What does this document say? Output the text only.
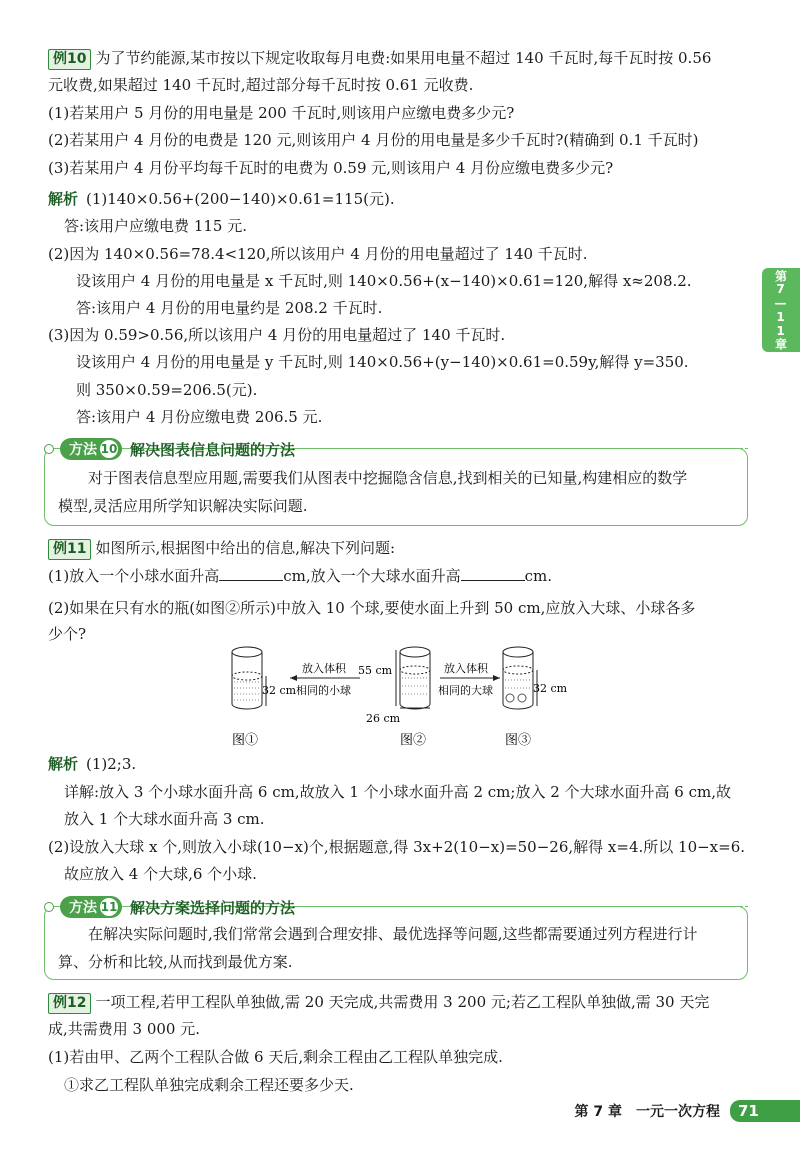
例10 为了节约能源,某市按以下规定收取每月电费:如果用电量不超过 140 千瓦时,每千瓦时按 0.56
元收费,如果超过 140 千瓦时,超过部分每千瓦时按 0.61 元收费.
(1)若某用户 5 月份的用电量是 200 千瓦时,则该用户应缴电费多少元?
(2)若某用户 4 月份的电费是 120 元,则该用户 4 月份的用电量是多少千瓦时?(精确到 0.1 千瓦时)
(3)若某用户 4 月份平均每千瓦时的电费为 0.59 元,则该用户 4 月份应缴电费多少元?
解析 (1)140×0.56+(200−140)×0.61=115(元).
答:该用户应缴电费 115 元.
(2)因为 140×0.56=78.4<120,所以该用户 4 月份的用电量超过了 140 千瓦时.
设该用户 4 月份的用电量是 x 千瓦时,则 140×0.56+(x−140)×0.61=120,解得 x≈208.2.
答:该用户 4 月份的用电量约是 208.2 千瓦时.
(3)因为 0.59>0.56,所以该用户 4 月份的用电量超过了 140 千瓦时.
设该用户 4 月份的用电量是 y 千瓦时,则 140×0.56+(y−140)×0.61=0.59y,解得 y=350.
则 350×0.59=206.5(元).
答:该用户 4 月份应缴电费 206.5 元.
方法 10 解决图表信息问题的方法
对于图表信息型应用题,需要我们从图表中挖掘隐含信息,找到相关的已知量,构建相应的数学
模型,灵活应用所学知识解决实际问题.
例11 如图所示,根据图中给出的信息,解决下列问题:
(1)放入一个小球水面升高	cm,放入一个大球水面升高	cm.
(2)如果在只有水的瓶(如图②所示)中放入 10 个球,要使水面上升到 50 cm,应放入大球、小球各多
少个?
32 cm
放入体积
相同的小球
55 cm
26 cm
放入体积
相同的大球	32 cm
图①	图②	图③
解析 (1)2;3.
详解:放入 3 个小球水面升高 6 cm,故放入 1 个小球水面升高 2 cm;放入 2 个大球水面升高 6 cm,故
放入 1 个大球水面升高 3 cm.
(2)设放入大球 x 个,则放入小球(10−x)个,根据题意,得 3x+2(10−x)=50−26,解得 x=4.所以 10−x=6.
故应放入 4 个大球,6 个小球.
方法 11 解决方案选择问题的方法
在解决实际问题时,我们常常会遇到合理安排、最优选择等问题,这些都需要通过列方程进行计
算、分析和比较,从而找到最优方案.
例12 一项工程,若甲工程队单独做,需 20 天完成,共需费用 3 200 元;若乙工程队单独做,需 30 天完
成,共需费用 3 000 元.
(1)若由甲、乙两个工程队合做 6 天后,剩余工程由乙工程队单独完成.
①求乙工程队单独完成剩余工程还要多少天.
第7—11章
第 7 章 一元一次方程	71
